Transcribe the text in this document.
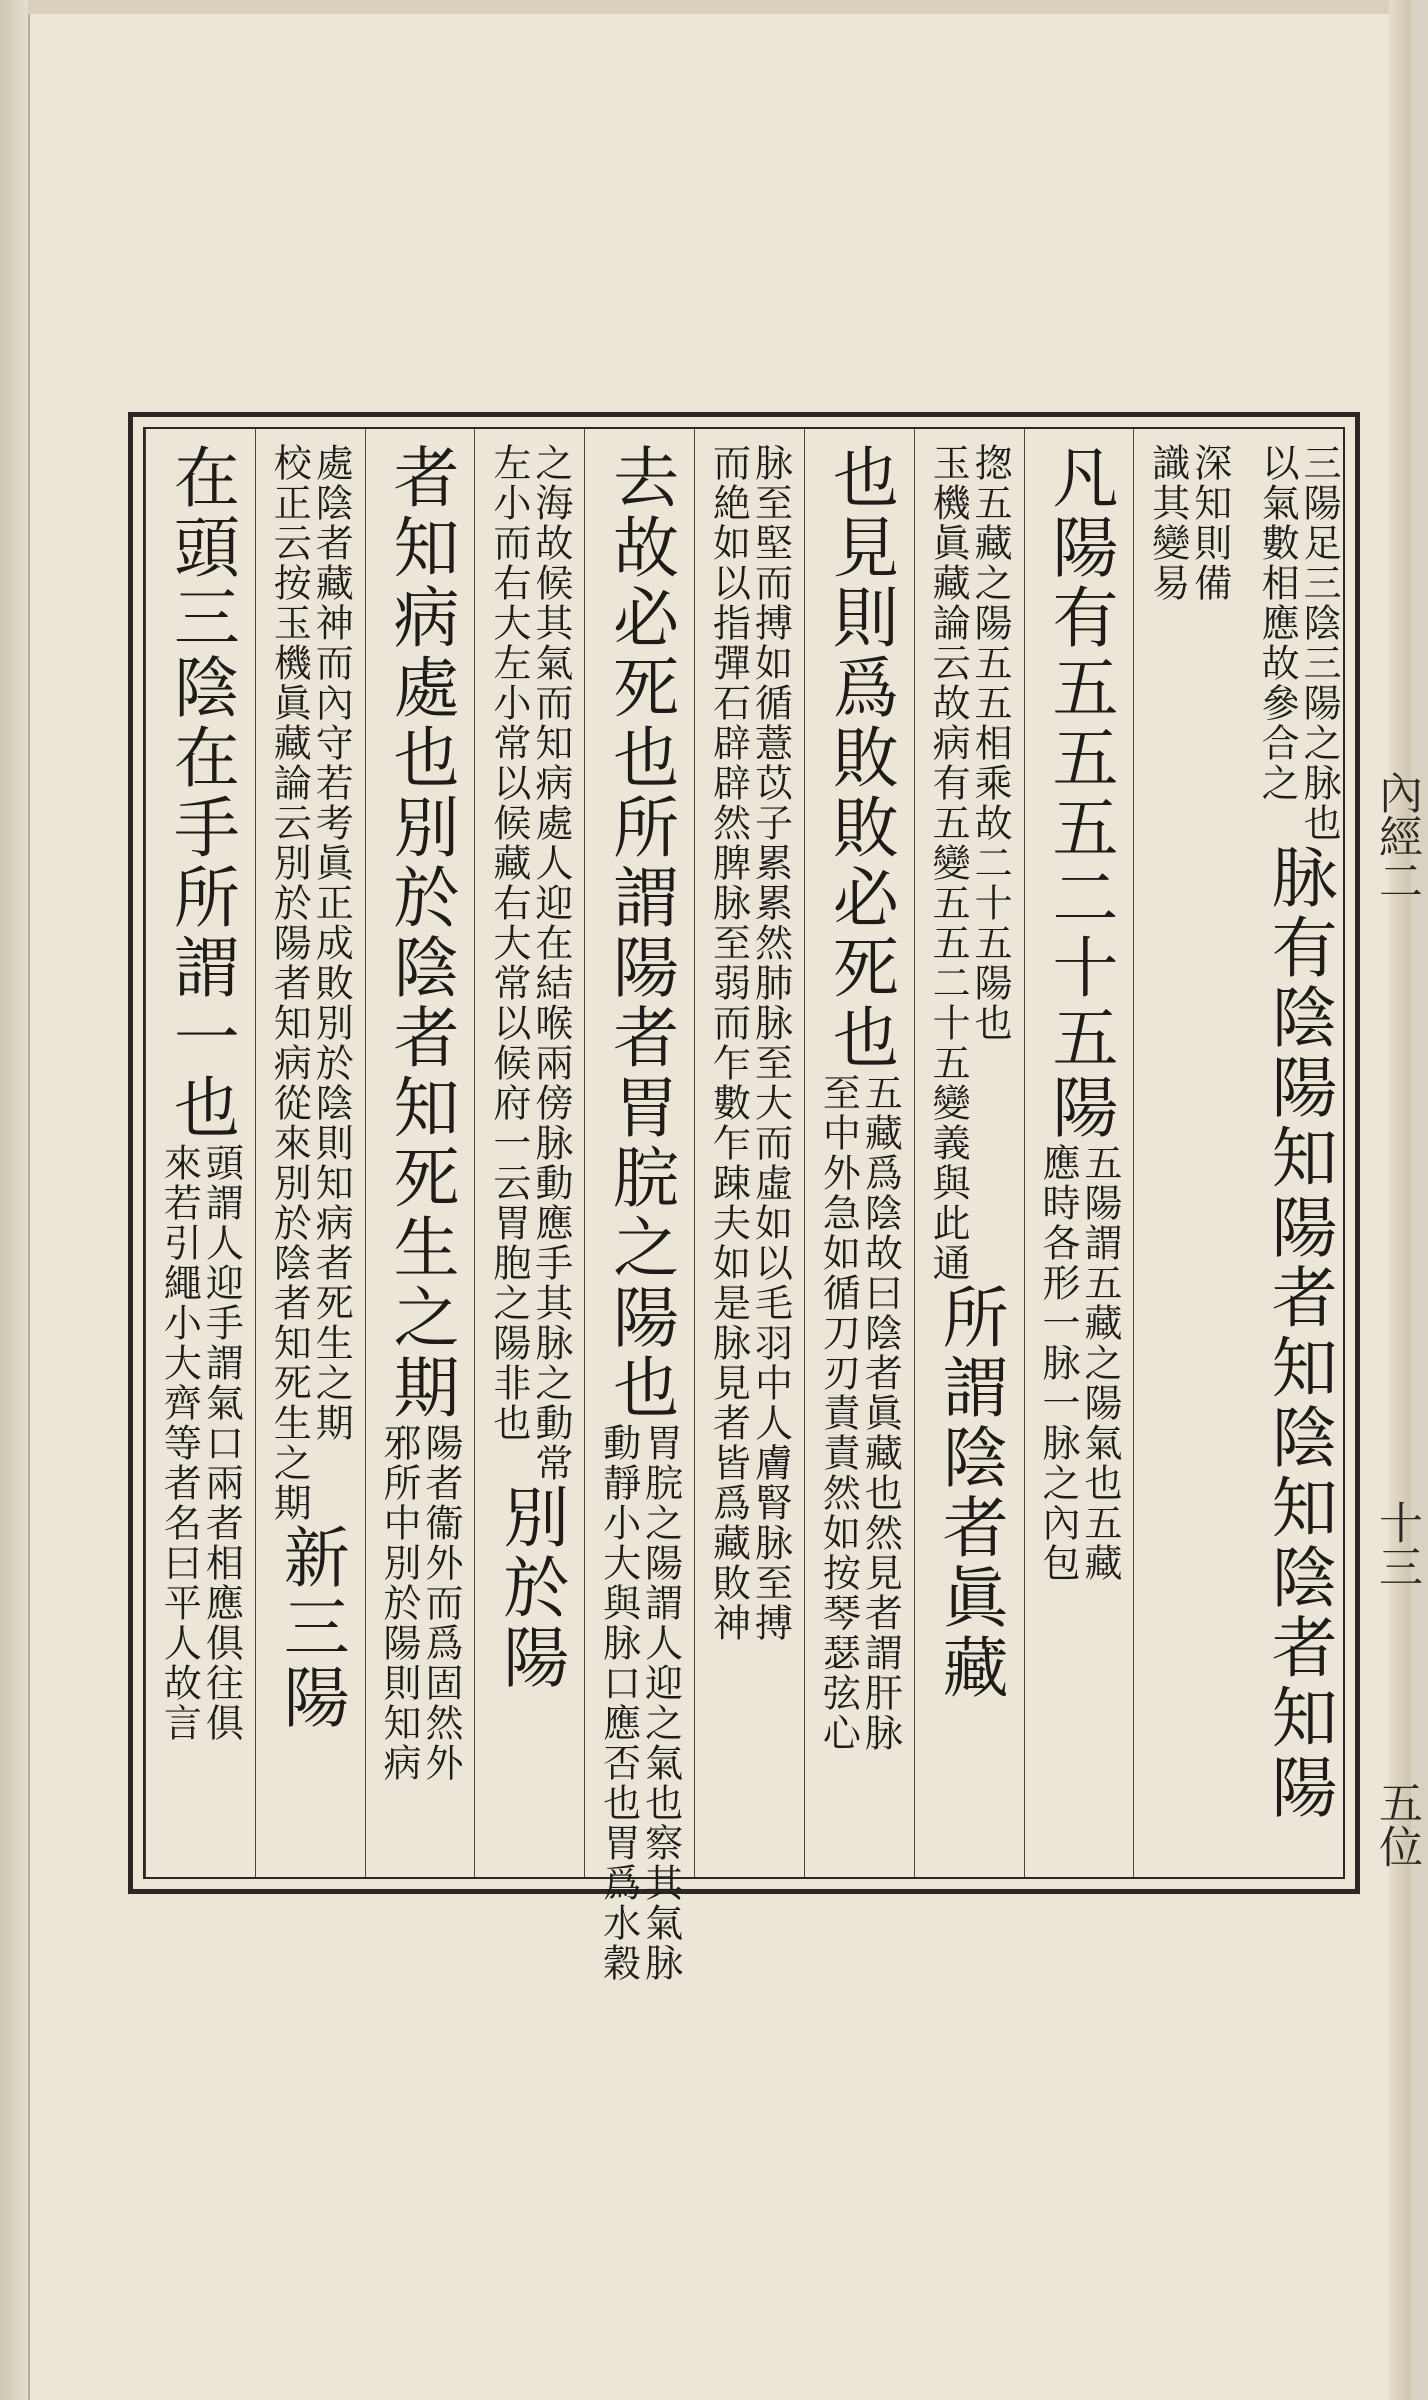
內經二
十三
五位
三陽足三陰三陽之脉也
以氣數相應故參合之
脉有陰陽知陽者知陰知陰者知陽
深知則備
識其變易
凡陽有五五五二十五陽
五陽謂五藏之陽氣也五藏
應時各形一脉一脉之內包
揔五藏之陽五五相乘故二十五陽也
玉機眞藏論云故病有五變五五二十五變義與此通
所謂陰者眞藏
也見則爲敗敗必死也
五藏爲陰故曰陰者眞藏也然見者謂肝脉
至中外急如循刀刃責責然如按琴瑟弦心
脉至堅而搏如循薏苡子累累然肺脉至大而虛如以毛羽中人膚腎脉至搏
而絶如以指彈石辟辟然脾脉至弱而乍數乍踈夫如是脉見者皆爲藏敗神
去故必死也
所謂陽者胃脘之陽也
胃脘之陽謂人迎之氣也察其氣脉
動靜小大與脉口應否也胃爲水穀
之海故候其氣而知病處人迎在結喉兩傍脉動應手其脉之動常
左小而右大左小常以候藏右大常以候府一云胃胞之陽非也
別於陽
者知病處也別於陰者知死生之期
陽者衞外而爲固然外
邪所中別於陽則知病
處陰者藏神而內守若考眞正成敗別於陰則知病者死生之期
校正云按玉機眞藏論云別於陽者知病從來別於陰者知死生之期
新三陽
在頭三陰在手所謂一也
頭謂人迎手謂氣口兩者相應俱往俱
來若引繩小大齊等者名曰平人故言
